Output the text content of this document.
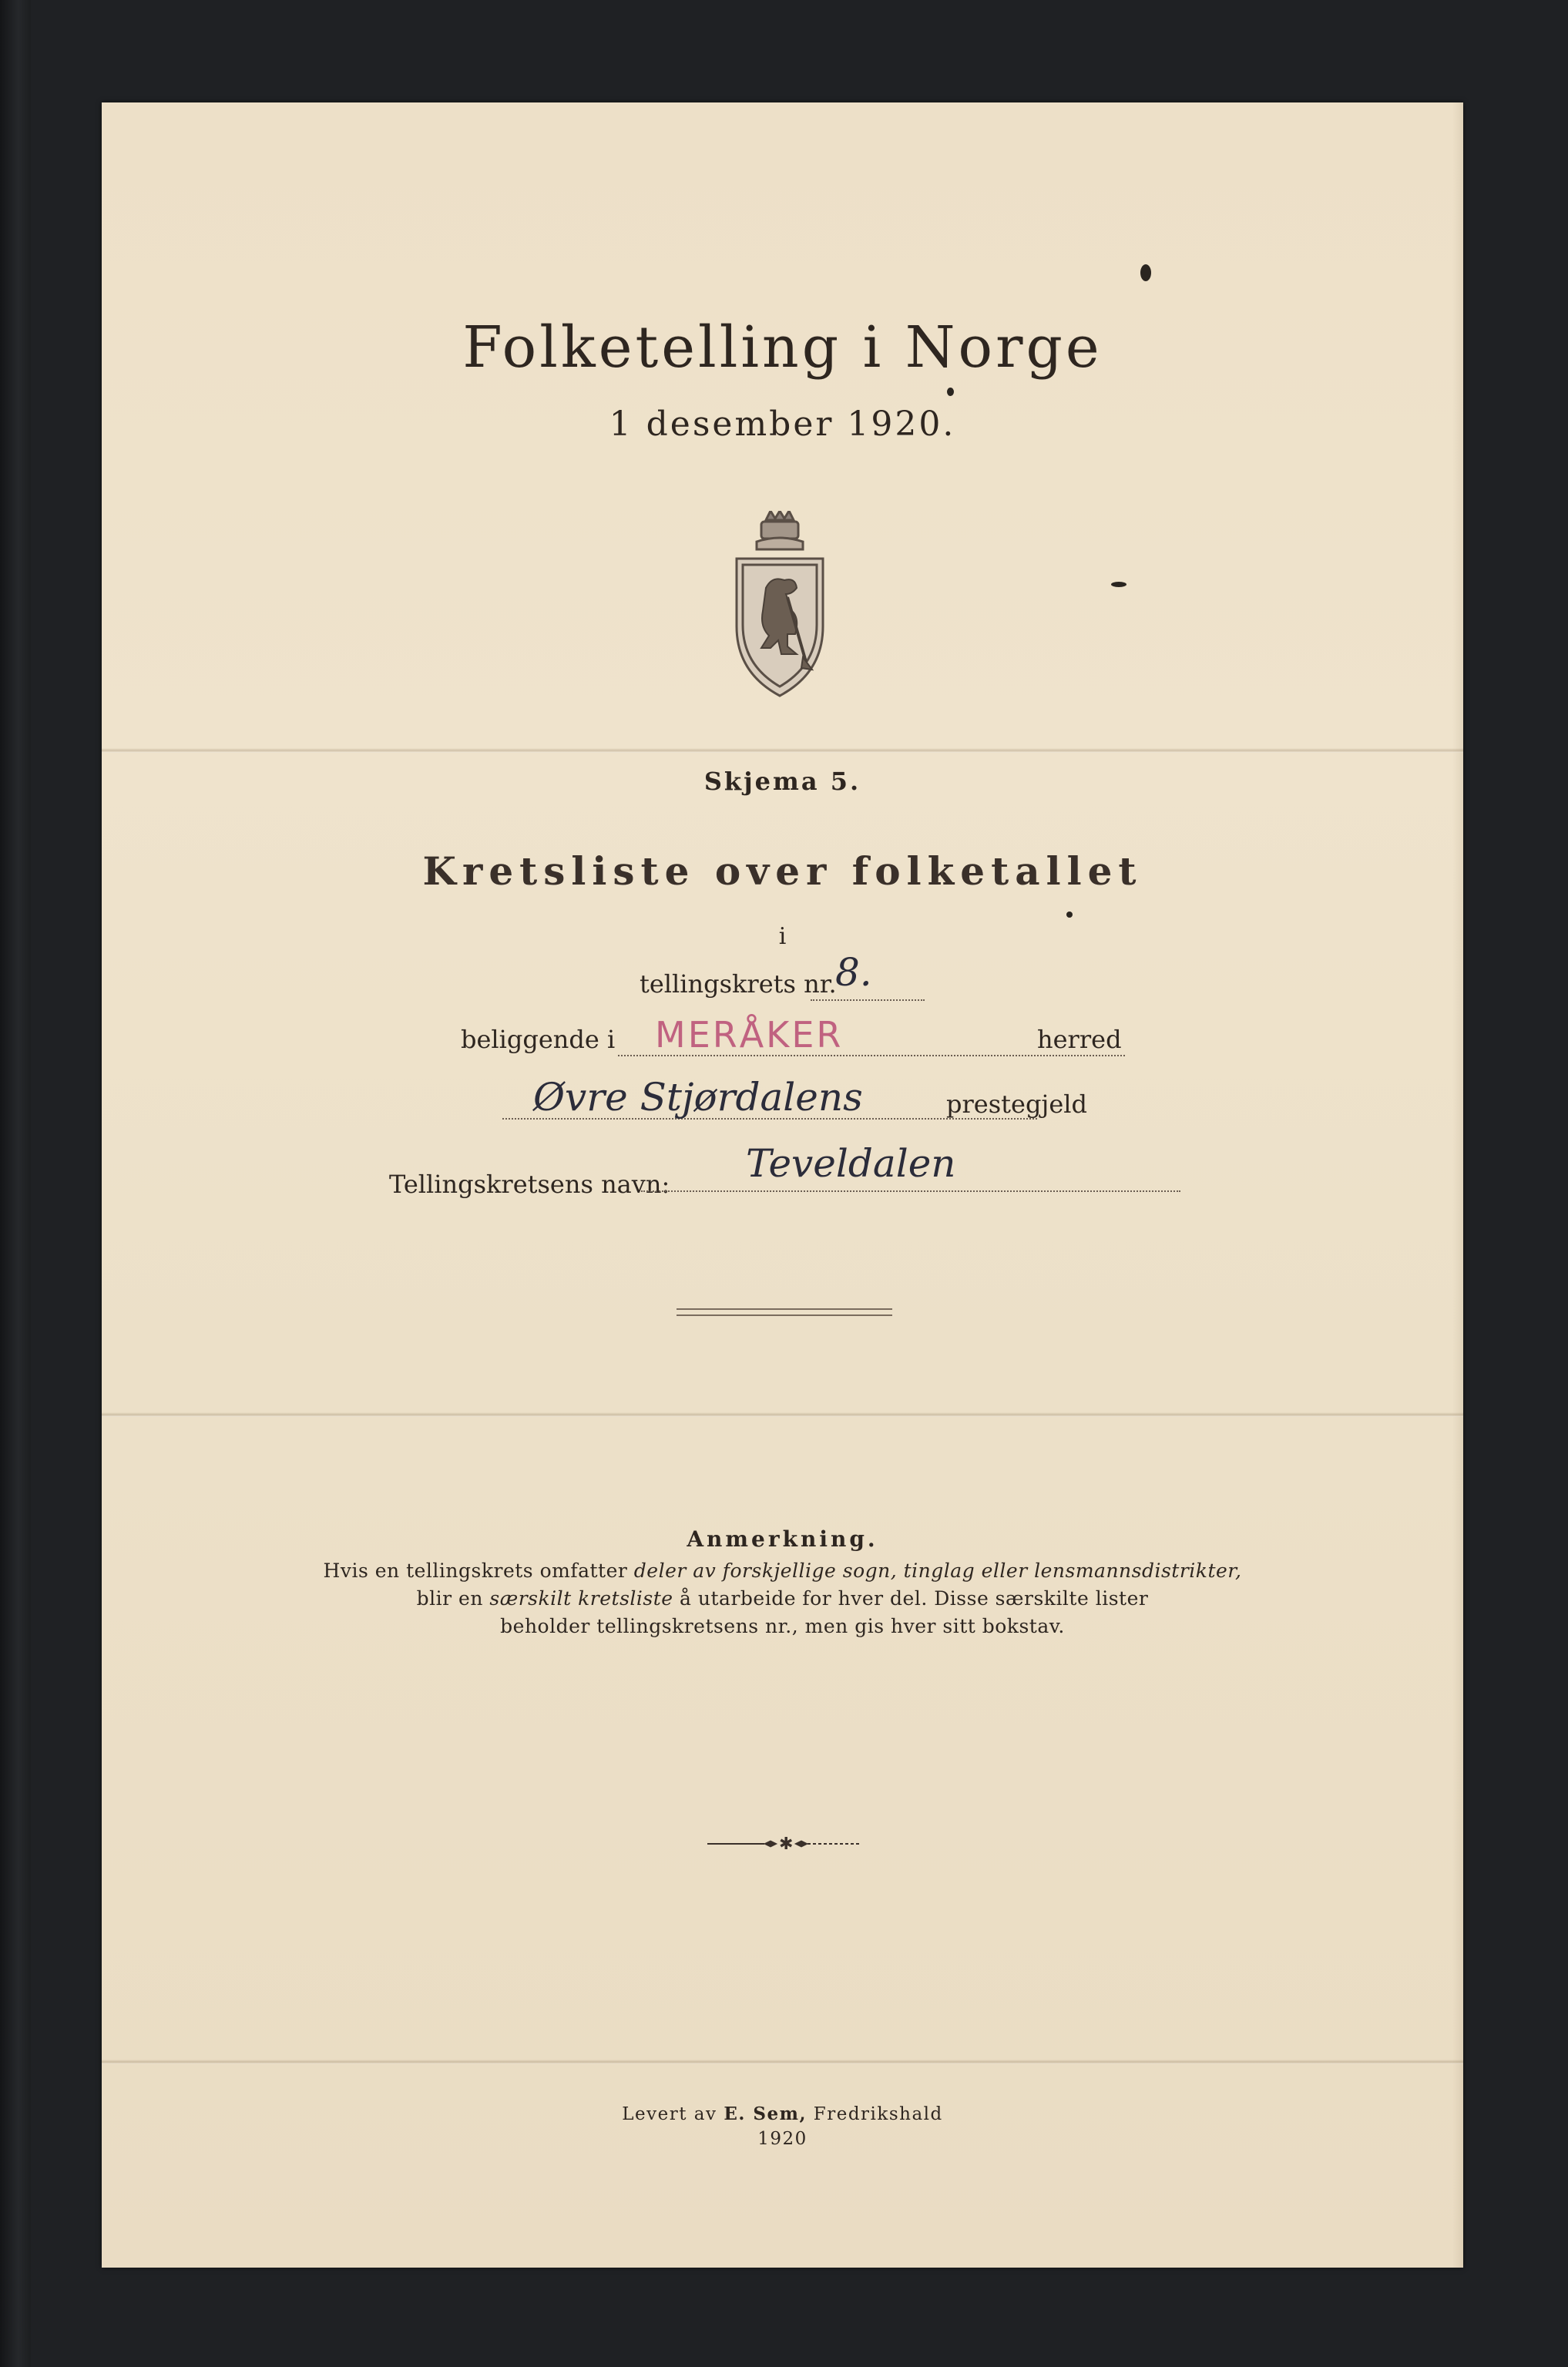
Folketelling i Norge
1 desember 1920.
Skjema 5.
Kretsliste over folketallet
i
tellingskrets nr.
8.
beliggende i MERÅKER	herred
Øvre Stjørdalens	prestegjeld
Tellingskretsens navn: Teveldalen
Anmerkning.
Hvis en tellingskrets omfatter deler av forskjellige sogn, tinglag eller lensmannsdistrikter,
blir en særskilt kretsliste å utarbeide for hver del. Disse særskilte lister
beholder tellingskretsens nr., men gis hver sitt bokstav.
✱
Levert av E. Sem, Fredrikshald
1920
